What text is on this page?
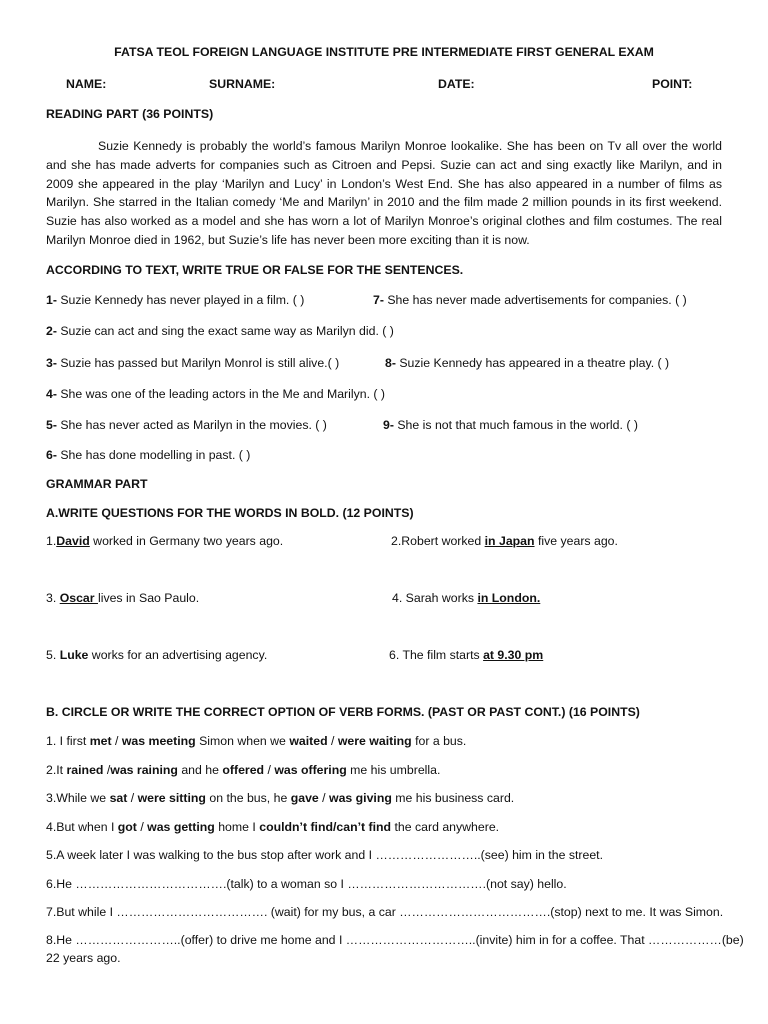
FATSA TEOL FOREIGN LANGUAGE INSTITUTE PRE INTERMEDIATE FIRST GENERAL EXAM
NAME:	SURNAME:	DATE:	POINT:
READING PART (36 POINTS)
Suzie Kennedy is probably the world’s famous Marilyn Monroe lookalike. She has been on Tv all over the world and she has made adverts for companies such as Citroen and Pepsi. Suzie can act and sing exactly like Marilyn, and in 2009 she appeared in the play ‘Marilyn and Lucy’ in London’s West End. She has also appeared in a number of films as Marilyn. She starred in the Italian comedy ‘Me and Marilyn’ in 2010 and the film made 2 million pounds in its first weekend. Suzie has also worked as a model and she has worn a lot of Marilyn Monroe’s original clothes and film costumes. The real Marilyn Monroe died in 1962, but Suzie’s life has never been more exciting than it is now.
ACCORDING TO TEXT, WRITE TRUE OR FALSE FOR THE SENTENCES.
1- Suzie Kennedy has never played in a film. ( )	7- She has never made advertisements for companies. ( )
2- Suzie can act and sing the exact same way as Marilyn did. ( )
3- Suzie has passed but Marilyn Monrol is still alive.( )	8- Suzie Kennedy has appeared in a theatre play. ( )
4- She was one of the leading actors in the Me and Marilyn. ( )
5- She has never acted as Marilyn in the movies. ( )	9- She is not that much famous in the world. ( )
6- She has done modelling in past. ( )
GRAMMAR PART
A.WRITE QUESTIONS FOR THE WORDS IN BOLD. (12 POINTS)
1.David worked in Germany two years ago.	2.Robert worked in Japan five years ago.
3. Oscar lives in Sao Paulo.	4. Sarah works in London.
5. Luke works for an advertising agency.	6. The film starts at 9.30 pm
B. CIRCLE OR WRITE THE CORRECT OPTION OF VERB FORMS. (PAST OR PAST CONT.) (16 POINTS)
1. I first met / was meeting Simon when we waited / were waiting for a bus.
2.It rained /was raining and he offered / was offering me his umbrella.
3.While we sat / were sitting on the bus, he gave / was giving me his business card.
4.But when I got / was getting home I couldn’t find/can’t find the card anywhere.
5.A week later I was walking to the bus stop after work and I ……………………..(see) him in the street.
6.He ……………………………….(talk) to a woman so I …………………………….(not say) hello.
7.But while I ………………………………. (wait) for my bus, a car ……………………………….(stop) next to me. It was Simon.
8.He ……………………..(offer) to drive me home and I …………………………..(invite) him in for a coffee. That ………………(be)
22 years ago.
